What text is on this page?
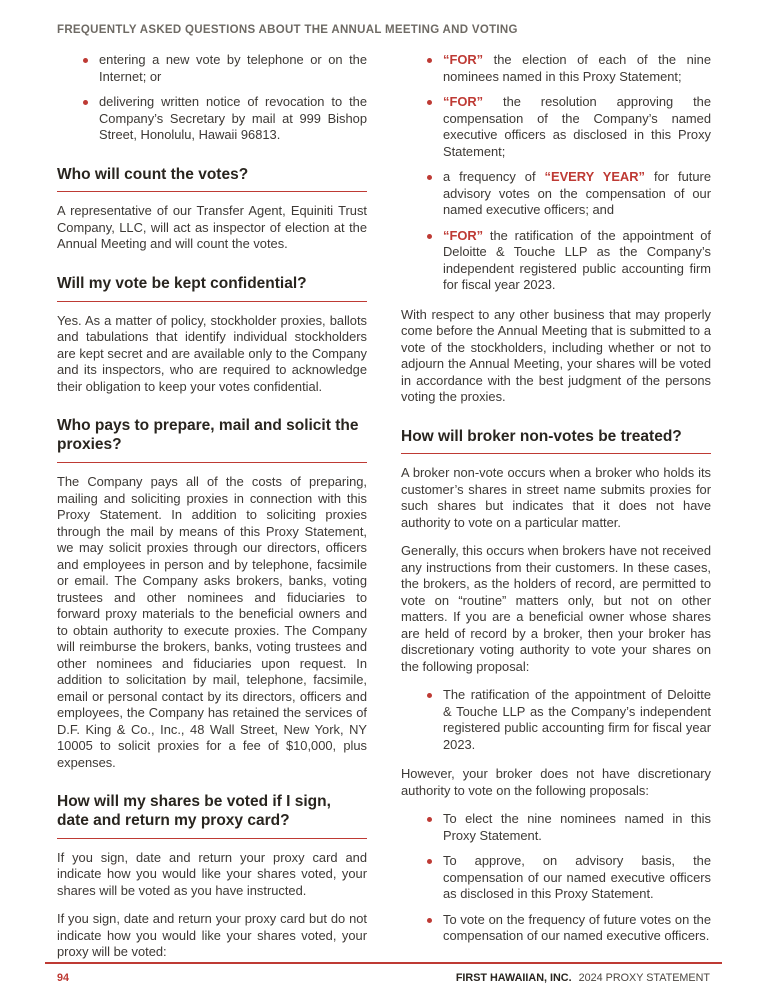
FREQUENTLY ASKED QUESTIONS ABOUT THE ANNUAL MEETING AND VOTING
entering a new vote by telephone or on the Internet; or
delivering written notice of revocation to the Company’s Secretary by mail at 999 Bishop Street, Honolulu, Hawaii 96813.
Who will count the votes?

A representative of our Transfer Agent, Equiniti Trust Company, LLC, will act as inspector of election at the Annual Meeting and will count the votes.

Will my vote be kept confidential?

Yes. As a matter of policy, stockholder proxies, ballots and tabulations that identify individual stockholders are kept secret and are available only to the Company and its inspectors, who are required to acknowledge their obligation to keep your votes confidential.

Who pays to prepare, mail and solicit the proxies?

The Company pays all of the costs of preparing, mailing and soliciting proxies in connection with this Proxy Statement. In addition to soliciting proxies through the mail by means of this Proxy Statement, we may solicit proxies through our directors, officers and employees in person and by telephone, facsimile or email. The Company asks brokers, banks, voting trustees and other nominees and fiduciaries to forward proxy materials to the beneficial owners and to obtain authority to execute proxies. The Company will reimburse the brokers, banks, voting trustees and other nominees and fiduciaries upon request. In addition to solicitation by mail, telephone, facsimile, email or personal contact by its directors, officers and employees, the Company has retained the services of D.F. King & Co., Inc., 48 Wall Street, New York, NY 10005 to solicit proxies for a fee of $10,000, plus expenses.

How will my shares be voted if I sign, date and return my proxy card?

If you sign, date and return your proxy card and indicate how you would like your shares voted, your shares will be voted as you have instructed.

If you sign, date and return your proxy card but do not indicate how you would like your shares voted, your proxy will be voted:

“FOR” the election of each of the nine nominees named in this Proxy Statement;
“FOR” the resolution approving the compensation of the Company’s named executive officers as disclosed in this Proxy Statement;
a frequency of “EVERY YEAR” for future advisory votes on the compensation of our named executive officers; and
“FOR” the ratification of the appointment of Deloitte & Touche LLP as the Company’s independent registered public accounting firm for fiscal year 2023.

With respect to any other business that may properly come before the Annual Meeting that is submitted to a vote of the stockholders, including whether or not to adjourn the Annual Meeting, your shares will be voted in accordance with the best judgment of the persons voting the proxies.

How will broker non-votes be treated?

A broker non-vote occurs when a broker who holds its customer’s shares in street name submits proxies for such shares but indicates that it does not have authority to vote on a particular matter.

Generally, this occurs when brokers have not received any instructions from their customers. In these cases, the brokers, as the holders of record, are permitted to vote on “routine” matters only, but not on other matters. If you are a beneficial owner whose shares are held of record by a broker, then your broker has discretionary voting authority to vote your shares on the following proposal:

The ratification of the appointment of Deloitte & Touche LLP as the Company’s independent registered public accounting firm for fiscal year 2023.

However, your broker does not have discretionary authority to vote on the following proposals:

To elect the nine nominees named in this Proxy Statement.
To approve, on advisory basis, the compensation of our named executive officers as disclosed in this Proxy Statement.
To vote on the frequency of future votes on the compensation of our named executive officers.
94	FIRST HAWAIIAN, INC. 2024 PROXY STATEMENT
